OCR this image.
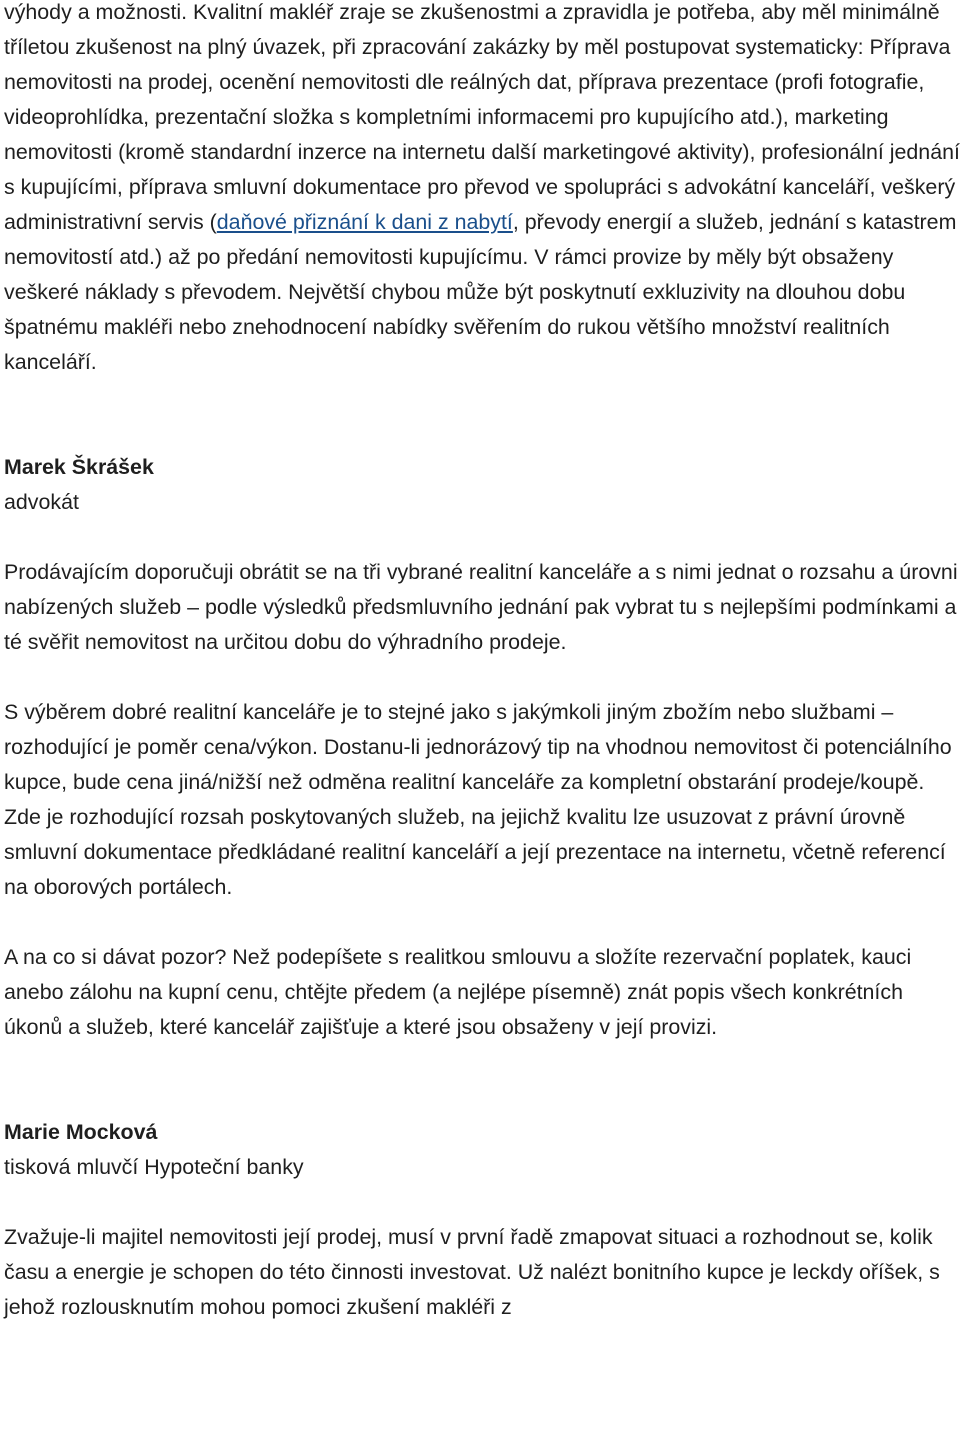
výhody a možnosti. Kvalitní makléř zraje se zkušenostmi a zpravidla je potřeba, aby měl minimálně tříletou zkušenost na plný úvazek, při zpracování zakázky by měl postupovat systematicky: Příprava nemovitosti na prodej, ocenění nemovitosti dle reálných dat, příprava prezentace (profi fotografie, videoprohlídka, prezentační složka s kompletními informacemi pro kupujícího atd.), marketing nemovitosti (kromě standardní inzerce na internetu další marketingové aktivity), profesionální jednání s kupujícími, příprava smluvní dokumentace pro převod ve spolupráci s advokátní kanceláří, veškerý administrativní servis (daňové přiznání k dani z nabytí, převody energií a služeb, jednání s katastrem nemovitostí atd.) až po předání nemovitosti kupujícímu. V rámci provize by měly být obsaženy veškeré náklady s převodem. Největší chybou může být poskytnutí exkluzivity na dlouhou dobu špatnému makléři nebo znehodnocení nabídky svěřením do rukou většího množství realitních kanceláří.

Marek Škrášek

advokát

Prodávajícím doporučuji obrátit se na tři vybrané realitní kanceláře a s nimi jednat o rozsahu a úrovni nabízených služeb – podle výsledků předsmluvního jednání pak vybrat tu s nejlepšími podmínkami a té svěřit nemovitost na určitou dobu do výhradního prodeje.

S výběrem dobré realitní kanceláře je to stejné jako s jakýmkoli jiným zbožím nebo službami – rozhodující je poměr cena/výkon. Dostanu-li jednorázový tip na vhodnou nemovitost či potenciálního kupce, bude cena jiná/nižší než odměna realitní kanceláře za kompletní obstarání prodeje/koupě. Zde je rozhodující rozsah poskytovaných služeb, na jejichž kvalitu lze usuzovat z právní úrovně smluvní dokumentace předkládané realitní kanceláří a její prezentace na internetu, včetně referencí na oborových portálech.

A na co si dávat pozor? Než podepíšete s realitkou smlouvu a složíte rezervační poplatek, kauci anebo zálohu na kupní cenu, chtějte předem (a nejlépe písemně) znát popis všech konkrétních úkonů a služeb, které kancelář zajišťuje a které jsou obsaženy v její provizi.

Marie Mocková

tisková mluvčí Hypoteční banky

Zvažuje-li majitel nemovitosti její prodej, musí v první řadě zmapovat situaci a rozhodnout se, kolik času a energie je schopen do této činnosti investovat. Už nalézt bonitního kupce je leckdy oříšek, s jehož rozlousknutím mohou pomoci zkušení makléři z
